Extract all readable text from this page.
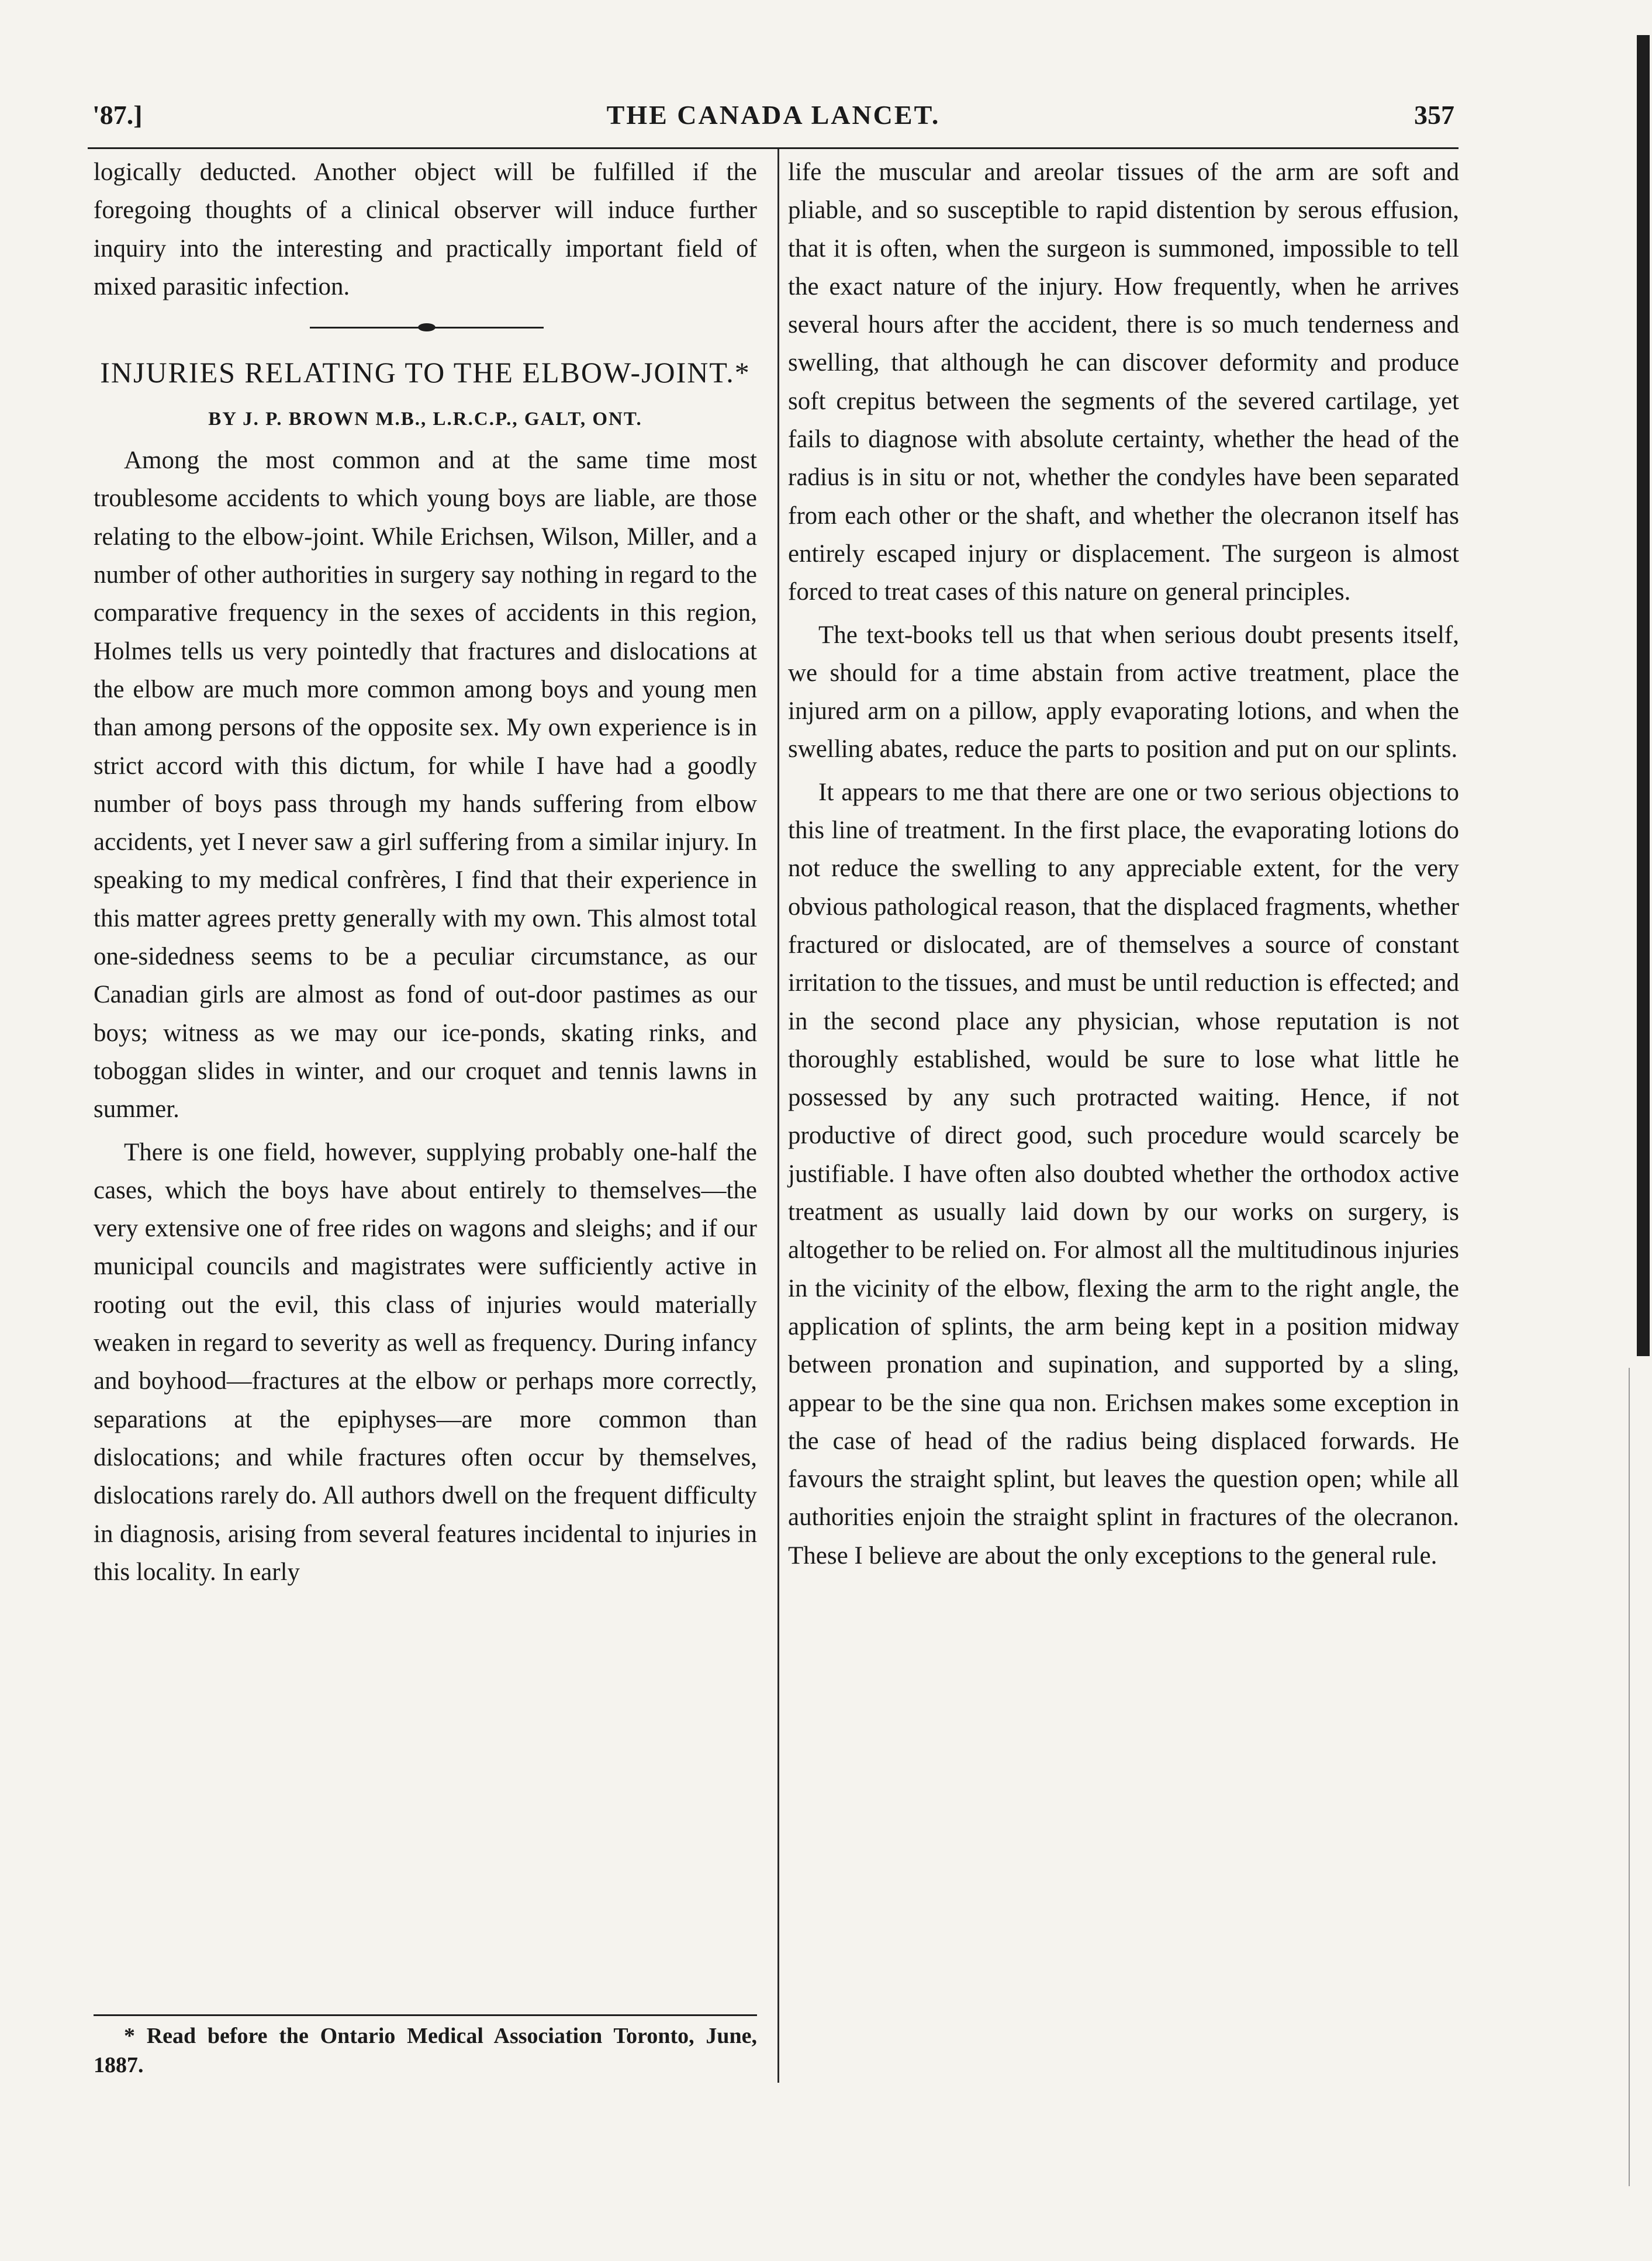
'87.]	THE CANADA LANCET.	357

logically deducted. Another object will be fulfilled if the foregoing thoughts of a clinical observer will induce further inquiry into the interesting and practically important field of mixed parasitic infection.

INJURIES RELATING TO THE ELBOW-JOINT.*
BY J. P. BROWN M.B., L.R.C.P., GALT, ONT.

Among the most common and at the same time most troublesome accidents to which young boys are liable, are those relating to the elbow-joint. While Erichsen, Wilson, Miller, and a number of other authorities in surgery say nothing in regard to the comparative frequency in the sexes of accidents in this region, Holmes tells us very pointedly that fractures and dislocations at the elbow are much more common among boys and young men than among persons of the opposite sex. My own experience is in strict accord with this dictum, for while I have had a goodly number of boys pass through my hands suffering from elbow accidents, yet I never saw a girl suffering from a similar injury. In speaking to my medical confrères, I find that their experience in this matter agrees pretty generally with my own. This almost total one-sidedness seems to be a peculiar circumstance, as our Canadian girls are almost as fond of out-door pastimes as our boys; witness as we may our ice-ponds, skating rinks, and toboggan slides in winter, and our croquet and tennis lawns in summer.

There is one field, however, supplying probably one-half the cases, which the boys have about entirely to themselves—the very extensive one of free rides on wagons and sleighs; and if our municipal councils and magistrates were sufficiently active in rooting out the evil, this class of injuries would materially weaken in regard to severity as well as frequency. During infancy and boyhood—fractures at the elbow or perhaps more correctly, separations at the epiphyses—are more common than dislocations; and while fractures often occur by themselves, dislocations rarely do. All authors dwell on the frequent difficulty in diagnosis, arising from several features incidental to injuries in this locality. In early

* Read before the Ontario Medical Association Toronto, June, 1887.

life the muscular and areolar tissues of the arm are soft and pliable, and so susceptible to rapid distention by serous effusion, that it is often, when the surgeon is summoned, impossible to tell the exact nature of the injury. How frequently, when he arrives several hours after the accident, there is so much tenderness and swelling, that although he can discover deformity and produce soft crepitus between the segments of the severed cartilage, yet fails to diagnose with absolute certainty, whether the head of the radius is in situ or not, whether the condyles have been separated from each other or the shaft, and whether the olecranon itself has entirely escaped injury or displacement. The surgeon is almost forced to treat cases of this nature on general principles.

The text-books tell us that when serious doubt presents itself, we should for a time abstain from active treatment, place the injured arm on a pillow, apply evaporating lotions, and when the swelling abates, reduce the parts to position and put on our splints.

It appears to me that there are one or two serious objections to this line of treatment. In the first place, the evaporating lotions do not reduce the swelling to any appreciable extent, for the very obvious pathological reason, that the displaced fragments, whether fractured or dislocated, are of themselves a source of constant irritation to the tissues, and must be until reduction is effected; and in the second place any physician, whose reputation is not thoroughly established, would be sure to lose what little he possessed by any such protracted waiting. Hence, if not productive of direct good, such procedure would scarcely be justifiable. I have often also doubted whether the orthodox active treatment as usually laid down by our works on surgery, is altogether to be relied on. For almost all the multitudinous injuries in the vicinity of the elbow, flexing the arm to the right angle, the application of splints, the arm being kept in a position midway between pronation and supination, and supported by a sling, appear to be the sine qua non. Erichsen makes some exception in the case of head of the radius being displaced forwards. He favours the straight splint, but leaves the question open; while all authorities enjoin the straight splint in fractures of the olecranon. These I believe are about the only exceptions to the general rule.
